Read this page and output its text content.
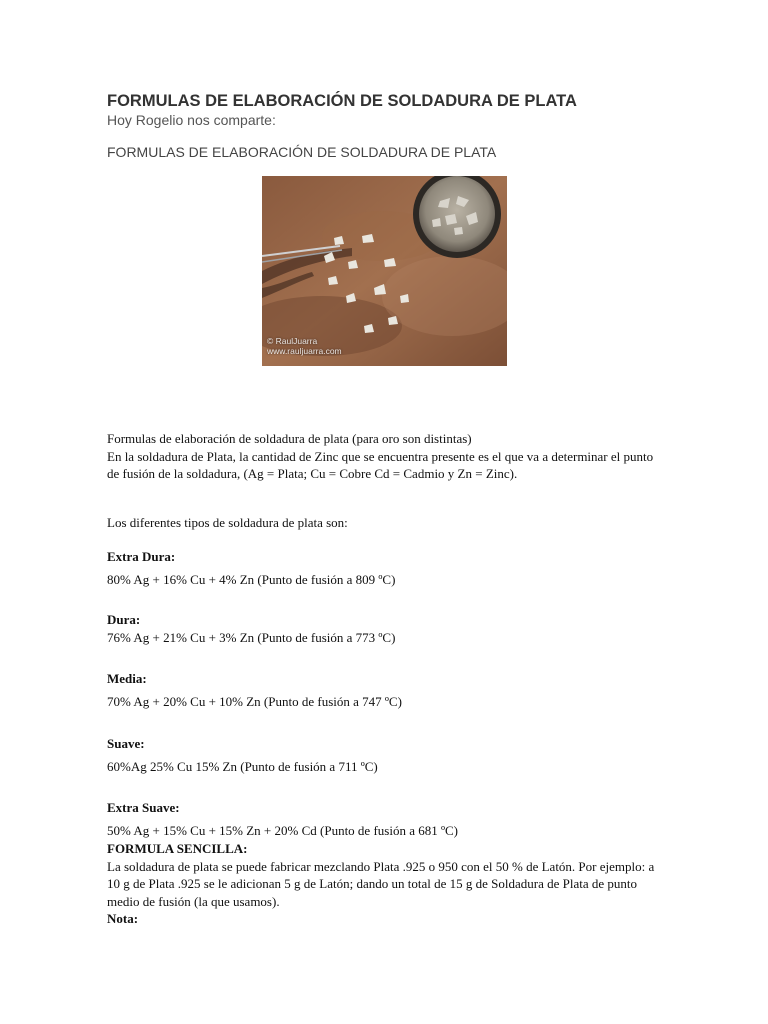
FORMULAS DE ELABORACIÓN DE SOLDADURA DE PLATA
Hoy Rogelio nos comparte:
FORMULAS DE ELABORACIÓN DE SOLDADURA DE PLATA
© RaulJuarra
www.rauljuarra.com
Formulas de elaboración de soldadura de plata (para oro son distintas)
En la soldadura de Plata, la cantidad de Zinc que se encuentra presente es el que va a determinar el punto de fusión de la soldadura, (Ag = Plata; Cu = Cobre Cd = Cadmio y Zn = Zinc).
Los diferentes tipos de soldadura de plata son:
Extra Dura:
80% Ag + 16% Cu + 4% Zn (Punto de fusión a 809 ºC)
Dura:
76% Ag + 21% Cu + 3% Zn (Punto de fusión a 773 ºC)
Media:
70% Ag + 20% Cu + 10% Zn (Punto de fusión a 747 ºC)
Suave:
60%Ag 25% Cu 15% Zn (Punto de fusión a 711 ºC)
Extra Suave:
50% Ag + 15% Cu + 15% Zn + 20% Cd (Punto de fusión a 681 ºC)
FORMULA SENCILLA:
La soldadura de plata se puede fabricar mezclando Plata .925 o 950 con el 50 % de Latón. Por ejemplo: a 10 g de Plata .925 se le adicionan 5 g de Latón; dando un total de 15 g de Soldadura de Plata de punto medio de fusión (la que usamos).
Nota:
